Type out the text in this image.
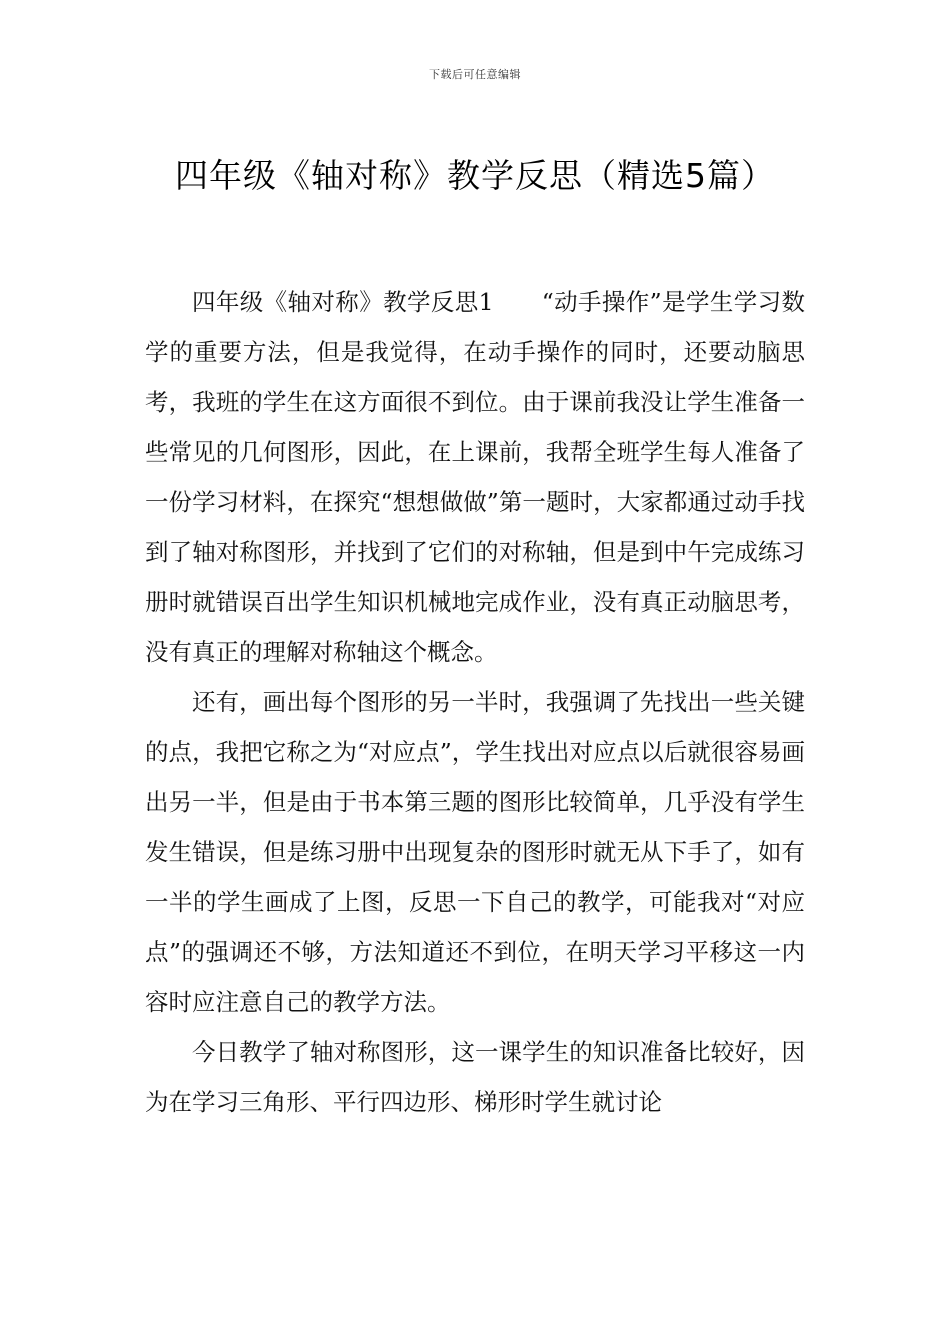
下载后可任意编辑
四年级《轴对称》教学反思（精选5篇）

四年级《轴对称》教学反思1　　“动手操作”是学生学习数学的重要方法，但是我觉得，在动手操作的同时，还要动脑思考，我班的学生在这方面很不到位。由于课前我没让学生准备一些常见的几何图形，因此，在上课前，我帮全班学生每人准备了一份学习材料，在探究“想想做做”第一题时，大家都通过动手找到了轴对称图形，并找到了它们的对称轴，但是到中午完成练习册时就错误百出学生知识机械地完成作业，没有真正动脑思考，没有真正的理解对称轴这个概念。

还有，画出每个图形的另一半时，我强调了先找出一些关键的点，我把它称之为“对应点”，学生找出对应点以后就很容易画出另一半，但是由于书本第三题的图形比较简单，几乎没有学生发生错误，但是练习册中出现复杂的图形时就无从下手了，如有一半的学生画成了上图，反思一下自己的教学，可能我对“对应点”的强调还不够，方法知道还不到位，在明天学习平移这一内容时应注意自己的教学方法。

今日教学了轴对称图形，这一课学生的知识准备比较好，因为在学习三角形、平行四边形、梯形时学生就讨论
